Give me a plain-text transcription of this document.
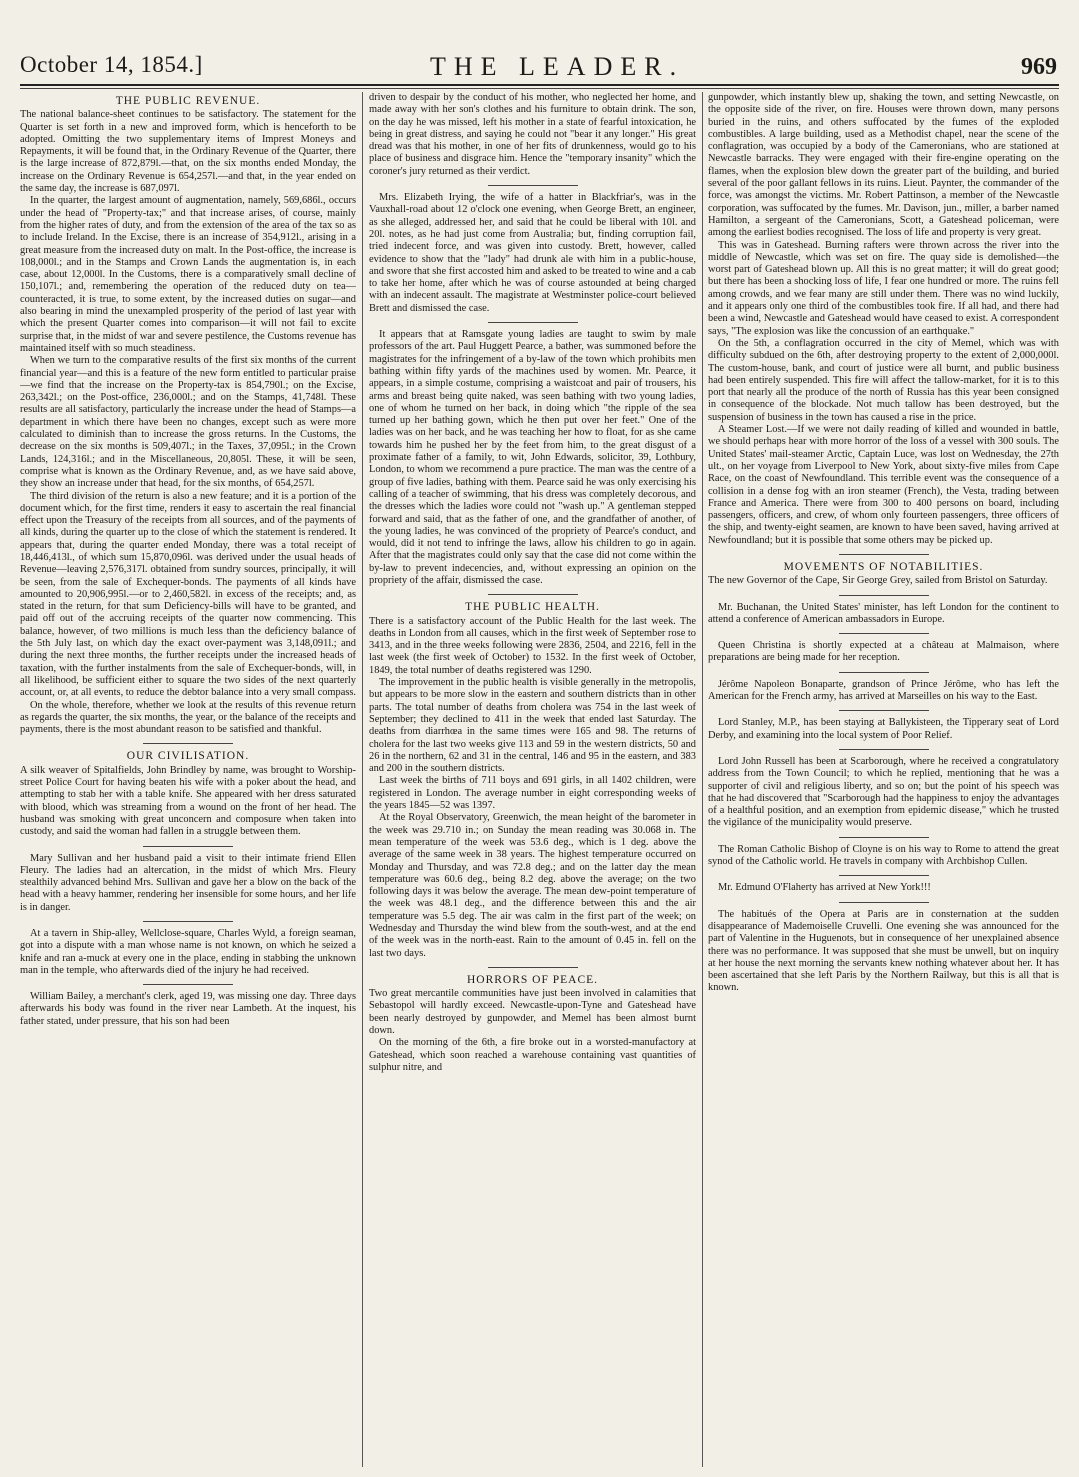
October 14, 1854.]	THE LEADER.	969
THE PUBLIC REVENUE.

The national balance-sheet continues to be satisfactory. The statement for the Quarter is set forth in a new and improved form, which is henceforth to be adopted. Omitting the two supplementary items of Imprest Moneys and Repayments, it will be found that, in the Ordinary Revenue of the Quarter, there is the large increase of 872,879l.—that, on the six months ended Monday, the increase on the Ordinary Revenue is 654,257l.—and that, in the year ended on the same day, the increase is 687,097l.

In the quarter, the largest amount of augmentation, namely, 569,686l., occurs under the head of "Property-tax;" and that increase arises, of course, mainly from the higher rates of duty, and from the extension of the area of the tax so as to include Ireland. In the Excise, there is an increase of 354,912l., arising in a great measure from the increased duty on malt. In the Post-office, the increase is 108,000l.; and in the Stamps and Crown Lands the augmentation is, in each case, about 12,000l. In the Customs, there is a comparatively small decline of 150,107l.; and, remembering the operation of the reduced duty on tea—counteracted, it is true, to some extent, by the increased duties on sugar—and also bearing in mind the unexampled prosperity of the period of last year with which the present Quarter comes into comparison—it will not fail to excite surprise that, in the midst of war and severe pestilence, the Customs revenue has maintained itself with so much steadiness.

When we turn to the comparative results of the first six months of the current financial year—and this is a feature of the new form entitled to particular praise—we find that the increase on the Property-tax is 854,790l.; on the Excise, 263,342l.; on the Post-office, 236,000l.; and on the Stamps, 41,748l. These results are all satisfactory, particularly the increase under the head of Stamps—a department in which there have been no changes, except such as were more calculated to diminish than to increase the gross returns. In the Customs, the decrease on the six months is 509,407l.; in the Taxes, 37,095l.; in the Crown Lands, 124,316l.; and in the Miscellaneous, 20,805l. These, it will be seen, comprise what is known as the Ordinary Revenue, and, as we have said above, they show an increase under that head, for the six months, of 654,257l.

The third division of the return is also a new feature; and it is a portion of the document which, for the first time, renders it easy to ascertain the real financial effect upon the Treasury of the receipts from all sources, and of the payments of all kinds, during the quarter up to the close of which the statement is rendered. It appears that, during the quarter ended Monday, there was a total receipt of 18,446,413l., of which sum 15,870,096l. was derived under the usual heads of Revenue—leaving 2,576,317l. obtained from sundry sources, principally, it will be seen, from the sale of Exchequer-bonds. The payments of all kinds have amounted to 20,906,995l.—or to 2,460,582l. in excess of the receipts; and, as stated in the return, for that sum Deficiency-bills will have to be granted, and paid off out of the accruing receipts of the quarter now commencing. This balance, however, of two millions is much less than the deficiency balance of the 5th July last, on which day the exact over-payment was 3,148,091l.; and during the next three months, the further receipts under the increased heads of taxation, with the further instalments from the sale of Exchequer-bonds, will, in all likelihood, be sufficient either to square the two sides of the next quarterly account, or, at all events, to reduce the debtor balance into a very small compass.

On the whole, therefore, whether we look at the results of this revenue return as regards the quarter, the six months, the year, or the balance of the receipts and payments, there is the most abundant reason to be satisfied and thankful.

OUR CIVILISATION.

A silk weaver of Spitalfields, John Brindley by name, was brought to Worship-street Police Court for having beaten his wife with a poker about the head, and attempting to stab her with a table knife. She appeared with her dress saturated with blood, which was streaming from a wound on the front of her head. The husband was smoking with great unconcern and composure when taken into custody, and said the woman had fallen in a struggle between them.

Mary Sullivan and her husband paid a visit to their intimate friend Ellen Fleury. The ladies had an altercation, in the midst of which Mrs. Fleury stealthily advanced behind Mrs. Sullivan and gave her a blow on the back of the head with a heavy hammer, rendering her insensible for some hours, and her life is in danger.

At a tavern in Ship-alley, Wellclose-square, Charles Wyld, a foreign seaman, got into a dispute with a man whose name is not known, on which he seized a knife and ran a-muck at every one in the place, ending in stabbing the unknown man in the temple, who afterwards died of the injury he had received.

William Bailey, a merchant's clerk, aged 19, was missing one day. Three days afterwards his body was found in the river near Lambeth. At the inquest, his father stated, under pressure, that his son had been

driven to despair by the conduct of his mother, who neglected her home, and made away with her son's clothes and his furniture to obtain drink. The son, on the day he was missed, left his mother in a state of fearful intoxication, he being in great distress, and saying he could not "bear it any longer." His great dread was that his mother, in one of her fits of drunkenness, would go to his place of business and disgrace him. Hence the "temporary insanity" which the coroner's jury returned as their verdict.

Mrs. Elizabeth Irying, the wife of a hatter in Blackfriar's, was in the Vauxhall-road about 12 o'clock one evening, when George Brett, an engineer, as she alleged, addressed her, and said that he could be liberal with 10l. and 20l. notes, as he had just come from Australia; but, finding corruption fail, tried indecent force, and was given into custody. Brett, however, called evidence to show that the "lady" had drunk ale with him in a public-house, and swore that she first accosted him and asked to be treated to wine and a cab to take her home, after which he was of course astounded at being charged with an indecent assault. The magistrate at Westminster police-court believed Brett and dismissed the case.

It appears that at Ramsgate young ladies are taught to swim by male professors of the art. Paul Huggett Pearce, a bather, was summoned before the magistrates for the infringement of a by-law of the town which prohibits men bathing within fifty yards of the machines used by women. Mr. Pearce, it appears, in a simple costume, comprising a waistcoat and pair of trousers, his arms and breast being quite naked, was seen bathing with two young ladies, one of whom he turned on her back, in doing which "the ripple of the sea turned up her bathing gown, which he then put over her feet." One of the ladies was on her back, and he was teaching her how to float, for as she came towards him he pushed her by the feet from him, to the great disgust of a proximate father of a family, to wit, John Edwards, solicitor, 39, Lothbury, London, to whom we recommend a pure practice. The man was the centre of a group of five ladies, bathing with them. Pearce said he was only exercising his calling of a teacher of swimming, that his dress was completely decorous, and the dresses which the ladies wore could not "wash up." A gentleman stepped forward and said, that as the father of one, and the grandfather of another, of the young ladies, he was convinced of the propriety of Pearce's conduct, and would, did it not tend to infringe the laws, allow his children to go in again. After that the magistrates could only say that the case did not come within the by-law to prevent indecencies, and, without expressing an opinion on the propriety of the affair, dismissed the case.

THE PUBLIC HEALTH.

There is a satisfactory account of the Public Health for the last week. The deaths in London from all causes, which in the first week of September rose to 3413, and in the three weeks following were 2836, 2504, and 2216, fell in the last week (the first week of October) to 1532. In the first week of October, 1849, the total number of deaths registered was 1290.

The improvement in the public health is visible generally in the metropolis, but appears to be more slow in the eastern and southern districts than in other parts. The total number of deaths from cholera was 754 in the last week of September; they declined to 411 in the week that ended last Saturday. The deaths from diarrhœa in the same times were 165 and 98. The returns of cholera for the last two weeks give 113 and 59 in the western districts, 50 and 26 in the northern, 62 and 31 in the central, 146 and 95 in the eastern, and 383 and 200 in the southern districts.

Last week the births of 711 boys and 691 girls, in all 1402 children, were registered in London. The average number in eight corresponding weeks of the years 1845—52 was 1397.

At the Royal Observatory, Greenwich, the mean height of the barometer in the week was 29.710 in.; on Sunday the mean reading was 30.068 in. The mean temperature of the week was 53.6 deg., which is 1 deg. above the average of the same week in 38 years. The highest temperature occurred on Monday and Thursday, and was 72.8 deg.; and on the latter day the mean temperature was 60.6 deg., being 8.2 deg. above the average; on the two following days it was below the average. The mean dew-point temperature of the week was 48.1 deg., and the difference between this and the air temperature was 5.5 deg. The air was calm in the first part of the week; on Wednesday and Thursday the wind blew from the south-west, and at the end of the week was in the north-east. Rain to the amount of 0.45 in. fell on the last two days.

HORRORS OF PEACE.

Two great mercantile communities have just been involved in calamities that Sebastopol will hardly exceed. Newcastle-upon-Tyne and Gateshead have been nearly destroyed by gunpowder, and Memel has been almost burnt down.

On the morning of the 6th, a fire broke out in a worsted-manufactory at Gateshead, which soon reached a warehouse containing vast quantities of sulphur nitre, and

gunpowder, which instantly blew up, shaking the town, and setting Newcastle, on the opposite side of the river, on fire. Houses were thrown down, many persons buried in the ruins, and others suffocated by the fumes of the exploded combustibles. A large building, used as a Methodist chapel, near the scene of the conflagration, was occupied by a body of the Cameronians, who are stationed at Newcastle barracks. They were engaged with their fire-engine operating on the flames, when the explosion blew down the greater part of the building, and buried several of the poor gallant fellows in its ruins. Lieut. Paynter, the commander of the force, was amongst the victims. Mr. Robert Pattinson, a member of the Newcastle corporation, was suffocated by the fumes. Mr. Davison, jun., miller, a barber named Hamilton, a sergeant of the Cameronians, Scott, a Gateshead policeman, were among the earliest bodies recognised. The loss of life and property is very great.

This was in Gateshead. Burning rafters were thrown across the river into the middle of Newcastle, which was set on fire. The quay side is demolished—the worst part of Gateshead blown up. All this is no great matter; it will do great good; but there has been a shocking loss of life, I fear one hundred or more. The ruins fell among crowds, and we fear many are still under them. There was no wind luckily, and it appears only one third of the combustibles took fire. If all had, and there had been a wind, Newcastle and Gateshead would have ceased to exist. A correspondent says, "The explosion was like the concussion of an earthquake."

On the 5th, a conflagration occurred in the city of Memel, which was with difficulty subdued on the 6th, after destroying property to the extent of 2,000,000l. The custom-house, bank, and court of justice were all burnt, and public business had been entirely suspended. This fire will affect the tallow-market, for it is to this port that nearly all the produce of the north of Russia has this year been consigned in consequence of the blockade. Not much tallow has been destroyed, but the suspension of business in the town has caused a rise in the price.

A Steamer Lost.—If we were not daily reading of killed and wounded in battle, we should perhaps hear with more horror of the loss of a vessel with 300 souls. The United States' mail-steamer Arctic, Captain Luce, was lost on Wednesday, the 27th ult., on her voyage from Liverpool to New York, about sixty-five miles from Cape Race, on the coast of Newfoundland. This terrible event was the consequence of a collision in a dense fog with an iron steamer (French), the Vesta, trading between France and America. There were from 300 to 400 persons on board, including passengers, officers, and crew, of whom only fourteen passengers, three officers of the ship, and twenty-eight seamen, are known to have been saved, having arrived at Newfoundland; but it is possible that some others may be picked up.

MOVEMENTS OF NOTABILITIES.

The new Governor of the Cape, Sir George Grey, sailed from Bristol on Saturday.

Mr. Buchanan, the United States' minister, has left London for the continent to attend a conference of American ambassadors in Europe.

Queen Christina is shortly expected at a château at Malmaison, where preparations are being made for her reception.

Jérôme Napoleon Bonaparte, grandson of Prince Jérôme, who has left the American for the French army, has arrived at Marseilles on his way to the East.

Lord Stanley, M.P., has been staying at Ballykisteen, the Tipperary seat of Lord Derby, and examining into the local system of Poor Relief.

Lord John Russell has been at Scarborough, where he received a congratulatory address from the Town Council; to which he replied, mentioning that he was a supporter of civil and religious liberty, and so on; but the point of his speech was that he had discovered that "Scarborough had the happiness to enjoy the advantages of a healthful position, and an exemption from epidemic disease," which he trusted the vigilance of the municipality would preserve.

The Roman Catholic Bishop of Cloyne is on his way to Rome to attend the great synod of the Catholic world. He travels in company with Archbishop Cullen.

Mr. Edmund O'Flaherty has arrived at New York!!!

The habitués of the Opera at Paris are in consternation at the sudden disappearance of Mademoiselle Cruvelli. One evening she was announced for the part of Valentine in the Huguenots, but in consequence of her unexplained absence there was no performance. It was supposed that she must be unwell, but on inquiry at her house the next morning the servants knew nothing whatever about her. It has been ascertained that she left Paris by the Northern Railway, but this is all that is known.
